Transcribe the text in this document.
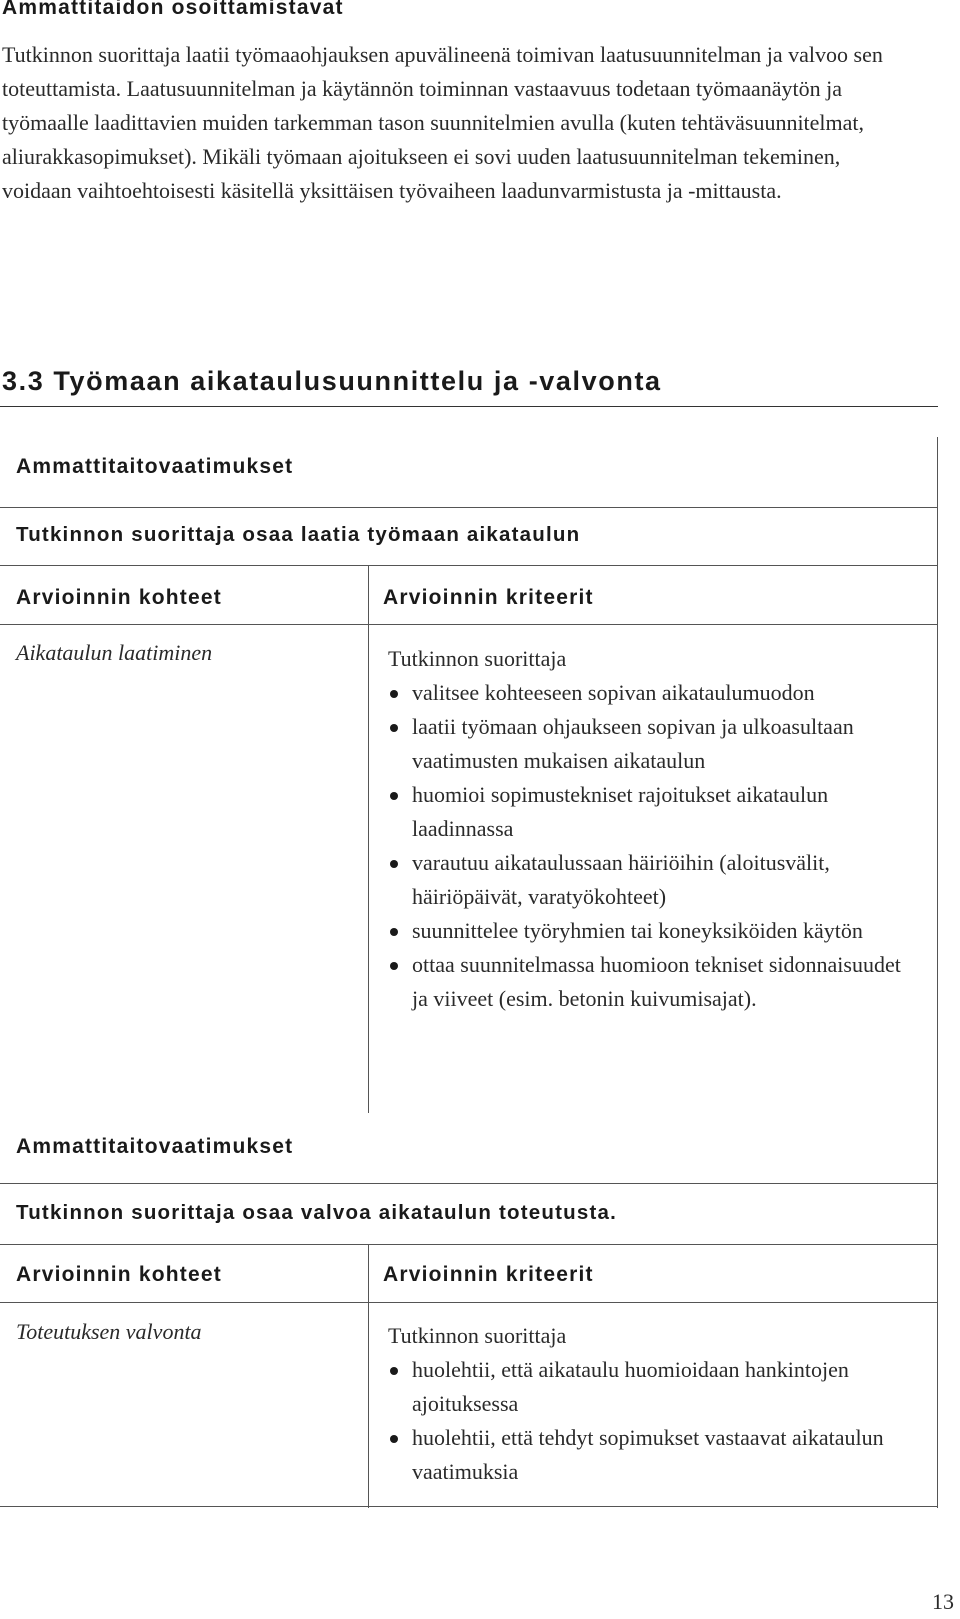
Ammattitaidon osoittamistavat
Tutkinnon suorittaja laatii työmaaohjauksen apuvälineenä toimivan laatusuunnitelman ja valvoo sen toteuttamista. Laatusuunnitelman ja käytännön toiminnan vastaavuus todetaan työmaanäytön ja työmaalle laadittavien muiden tarkemman tason suunnitelmien avulla (kuten tehtäväsuunnitelmat, aliurakkasopimukset). Mikäli työmaan ajoitukseen ei sovi uuden laatusuunnitelman tekeminen, voidaan vaihtoehtoisesti käsitellä yksittäisen työvaiheen laadunvarmistusta ja -mittausta.
3.3 Työmaan aikataulusuunnittelu ja -valvonta
Ammattitaitovaatimukset
Tutkinnon suorittaja osaa laatia työmaan aikataulun
Arvioinnin kohteet	Arvioinnin kriteerit
Aikataulun laatiminen	Tutkinnon suorittaja
valitsee kohteeseen sopivan aikataulumuodon
laatii työmaan ohjaukseen sopivan ja ulkoasultaan vaatimusten mukaisen aikataulun
huomioi sopimustekniset rajoitukset aikataulun laadinnassa
varautuu aikataulussaan häiriöihin (aloitusvälit, häiriöpäivät, varatyökohteet)
suunnittelee työryhmien tai koneyksiköiden käytön
ottaa suunnitelmassa huomioon tekniset sidonnaisuudet ja viiveet (esim. betonin kuivumisajat).
Ammattitaitovaatimukset
Tutkinnon suorittaja osaa valvoa aikataulun toteutusta.
Arvioinnin kohteet	Arvioinnin kriteerit
Toteutuksen valvonta	Tutkinnon suorittaja
huolehtii, että aikataulu huomioidaan hankintojen ajoituksessa
huolehtii, että tehdyt sopimukset vastaavat aikataulun vaatimuksia
13
